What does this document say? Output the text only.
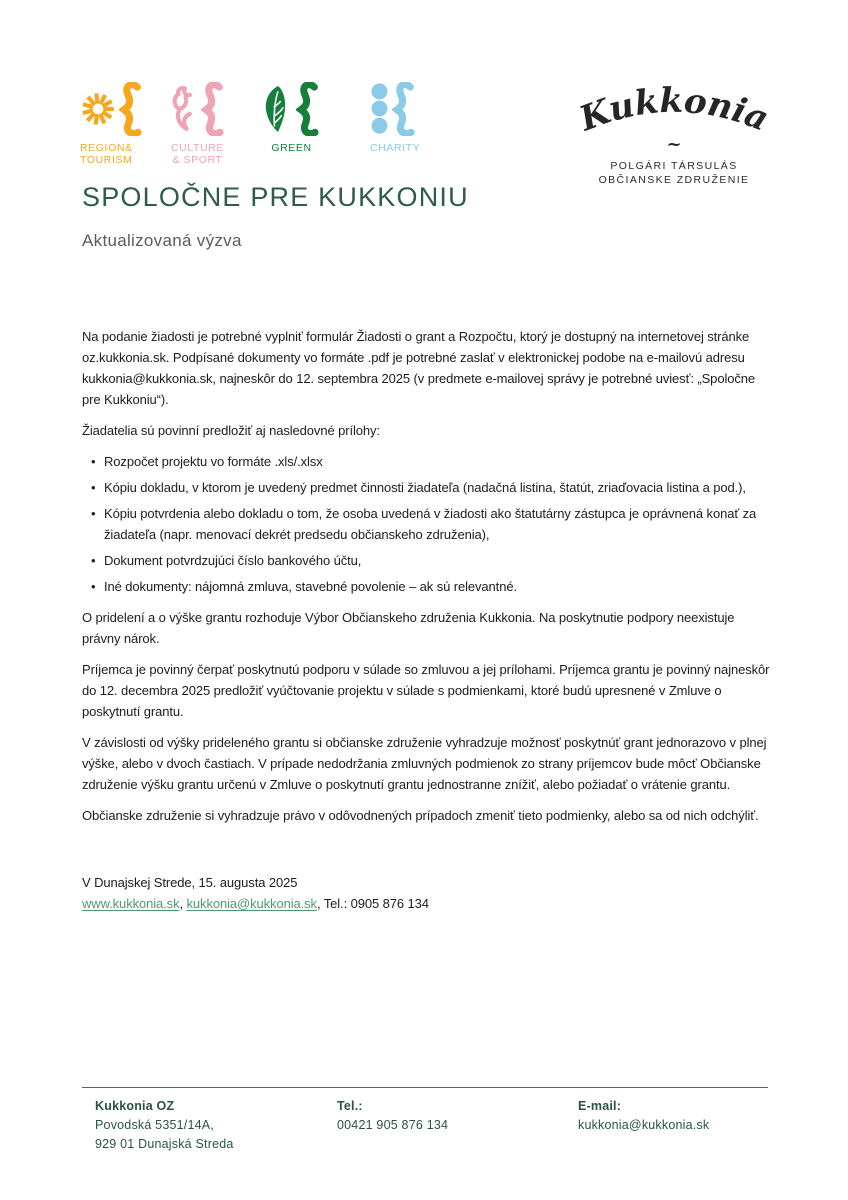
REGION&
TOURISM
CULTURE
& SPORT
GREEN	CHARITY
Kukkonia
~
POLGÁRI TÁRSULÁS
OBČIANSKE ZDRUŽENIE
SPOLOČNE PRE KUKKONIU

Aktualizovaná výzva

Na podanie žiadosti je potrebné vyplniť formulár Žiadosti o grant a Rozpočtu, ktorý je dostupný na internetovej stránke oz.kukkonia.sk. Podpísané dokumenty vo formáte .pdf je potrebné zaslať v elektronickej podobe na e-mailovú adresu kukkonia@kukkonia.sk, najneskôr do 12. septembra 2025 (v predmete e-mailovej správy je potrebné uviesť: „Spoločne pre Kukkoniu“).

Žiadatelia sú povinní predložiť aj nasledovné prílohy:

• Rozpočet projektu vo formáte .xls/.xlsx
• Kópiu dokladu, v ktorom je uvedený predmet činnosti žiadateľa (nadačná listina, štatút, zriaďovacia listina a pod.),
• Kópiu potvrdenia alebo dokladu o tom, že osoba uvedená v žiadosti ako štatutárny zástupca je oprávnená konať za žiadateľa (napr. menovací dekrét predsedu občianskeho združenia),
• Dokument potvrdzujúci číslo bankového účtu,
• Iné dokumenty: nájomná zmluva, stavebné povolenie – ak sú relevantné.

O pridelení a o výške grantu rozhoduje Výbor Občianskeho združenia Kukkonia. Na poskytnutie podpory neexistuje právny nárok.

Príjemca je povinný čerpať poskytnutú podporu v súlade so zmluvou a jej prílohami. Príjemca grantu je povinný najneskôr do 12. decembra 2025 predložiť vyúčtovanie projektu v súlade s podmienkami, ktoré budú upresnené v Zmluve o poskytnutí grantu.

V závislosti od výšky prideleného grantu si občianske združenie vyhradzuje možnosť poskytnúť grant jednorazovo v plnej výške, alebo v dvoch častiach. V prípade nedodržania zmluvných podmienok zo strany príjemcov bude môcť Občianske združenie výšku grantu určenú v Zmluve o poskytnutí grantu jednostranne znížiť, alebo požiadať o vrátenie grantu.

Občianske združenie si vyhradzuje právo v odôvodnených prípadoch zmeniť tieto podmienky, alebo sa od nich odchýliť.

V Dunajskej Strede, 15. augusta 2025

www.kukkonia.sk, kukkonia@kukkonia.sk, Tel.: 0905 876 134

Kukkonia OZ
Povodská 5351/14A,
929 01 Dunajská Streda
Tel.:
00421 905 876 134
E-mail:
kukkonia@kukkonia.sk
